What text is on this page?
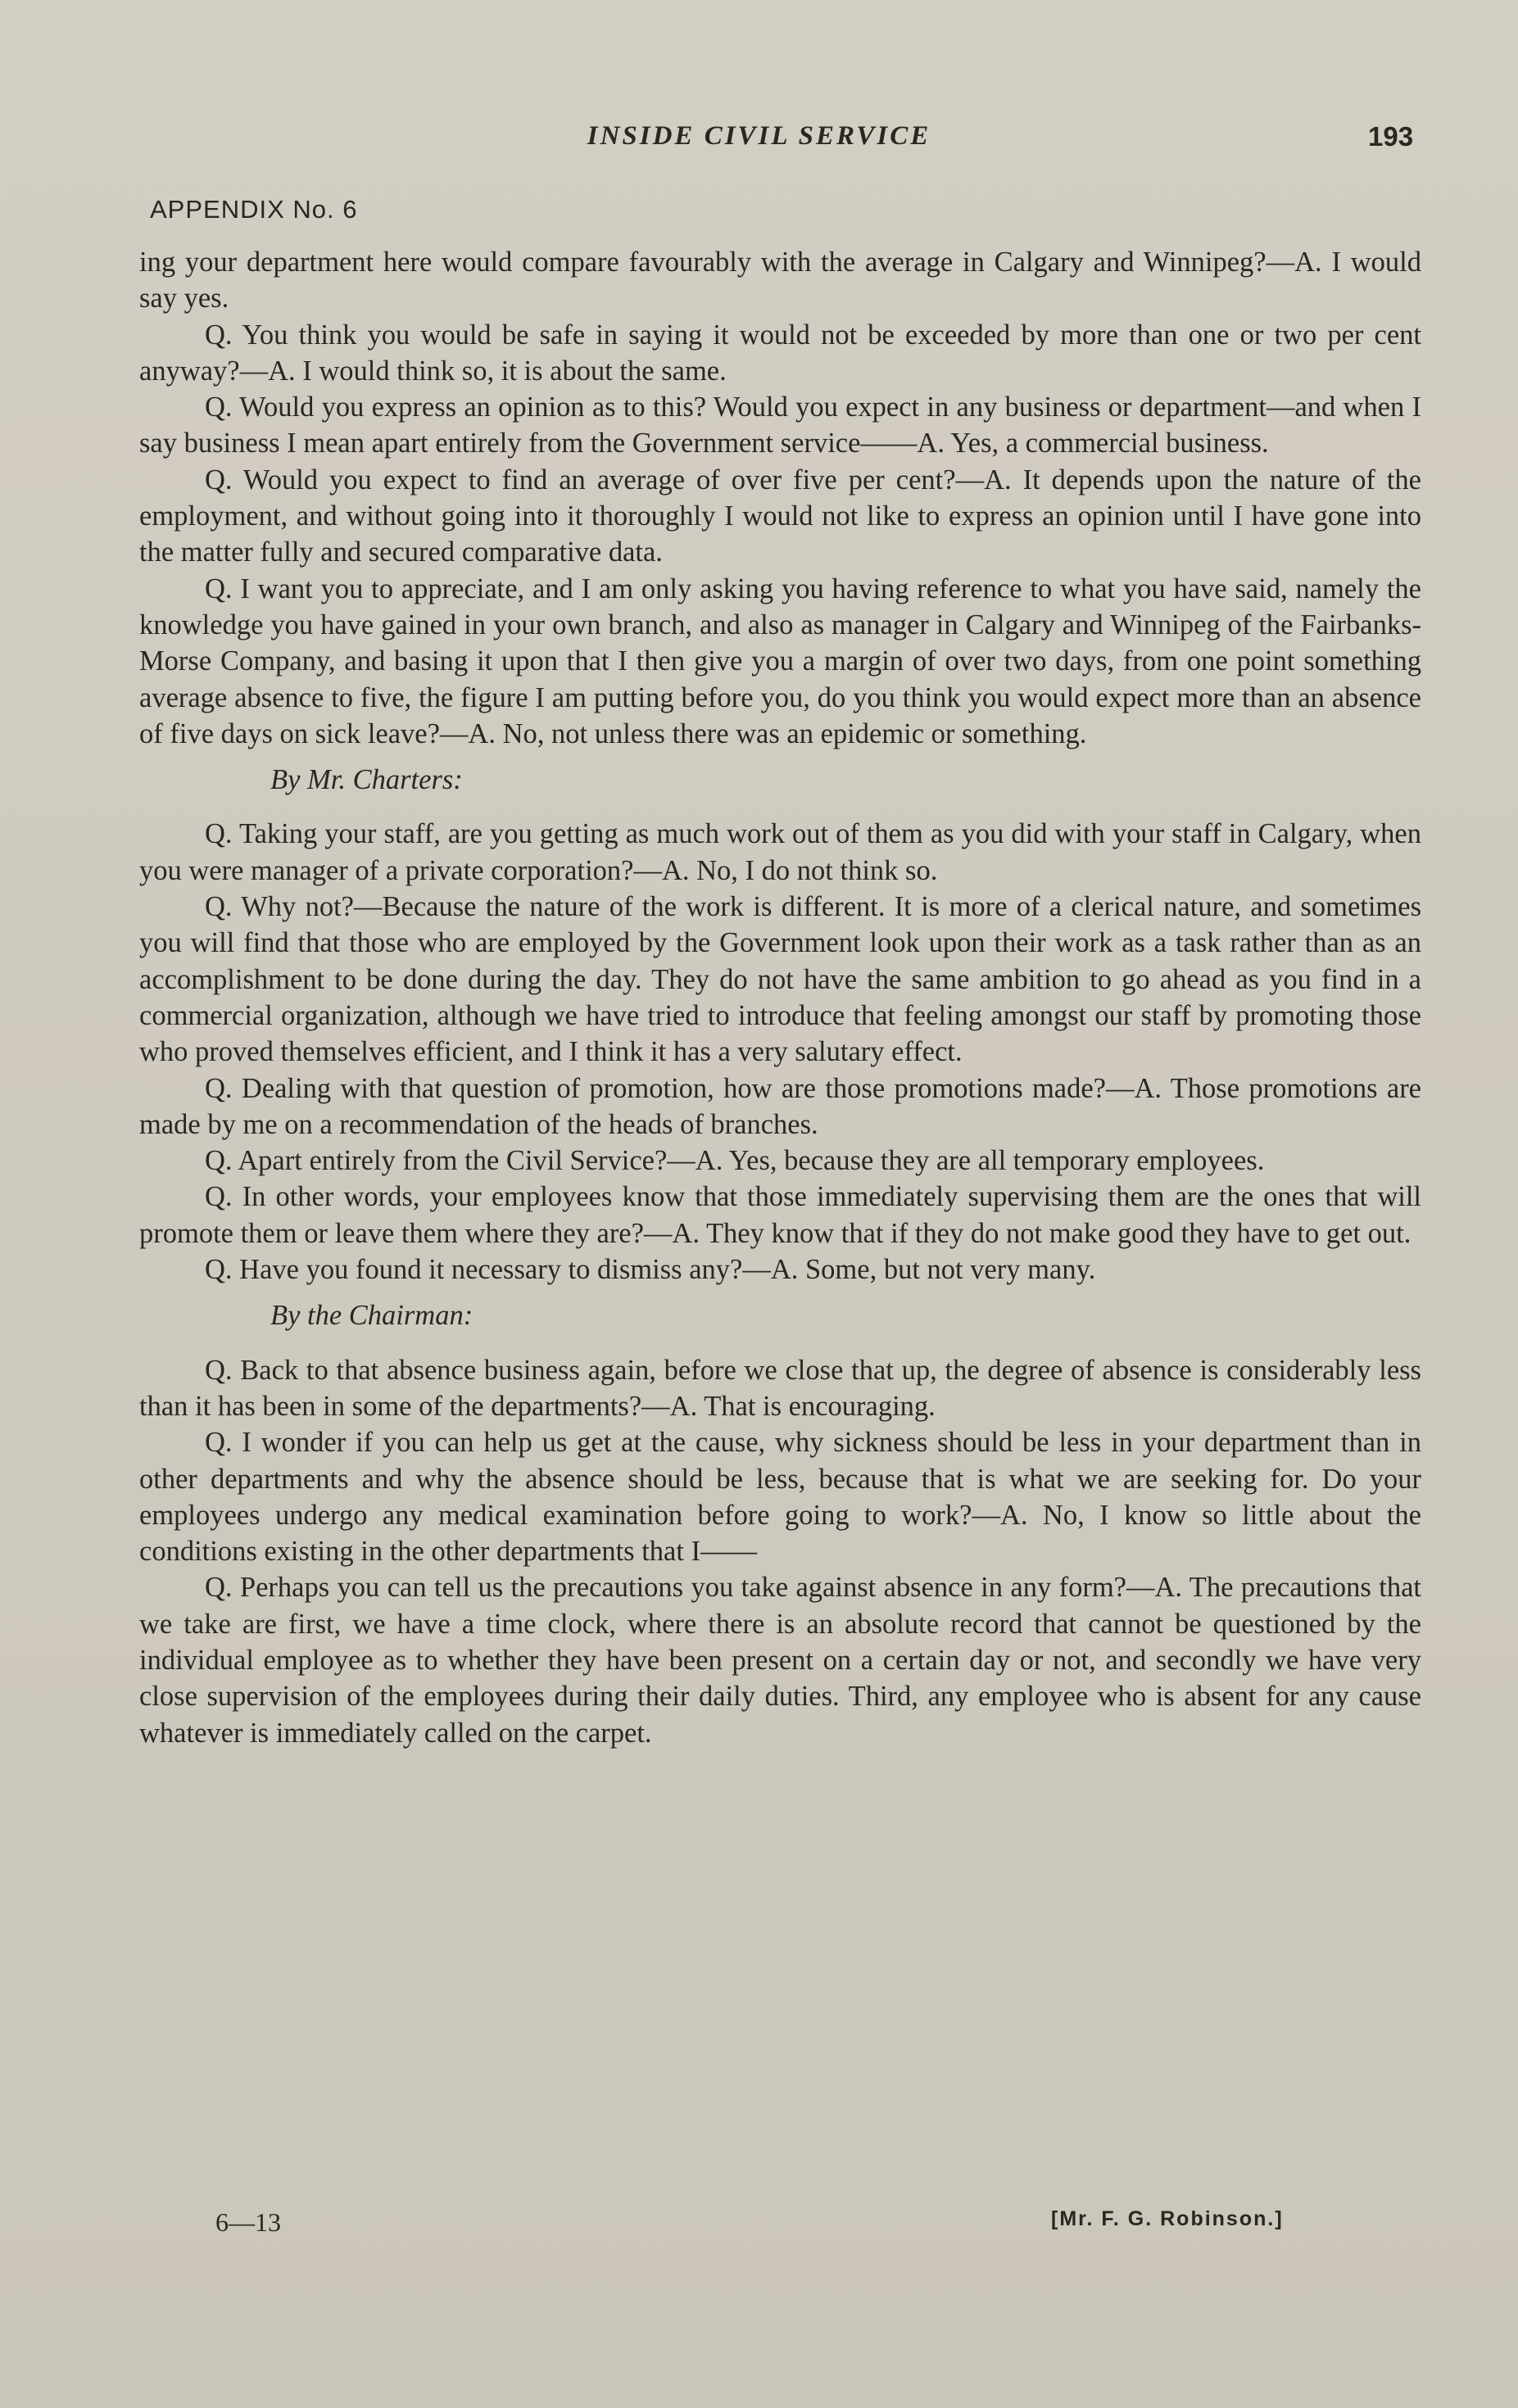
INSIDE CIVIL SERVICE	193
APPENDIX No. 6

ing your department here would compare favourably with the average in Calgary and Winnipeg?—A. I would say yes.

Q. You think you would be safe in saying it would not be exceeded by more than one or two per cent anyway?—A. I would think so, it is about the same.

Q. Would you express an opinion as to this? Would you expect in any business or department—and when I say business I mean apart entirely from the Government service——A. Yes, a commercial business.

Q. Would you expect to find an average of over five per cent?—A. It depends upon the nature of the employment, and without going into it thoroughly I would not like to express an opinion until I have gone into the matter fully and secured comparative data.

Q. I want you to appreciate, and I am only asking you having reference to what you have said, namely the knowledge you have gained in your own branch, and also as manager in Calgary and Winnipeg of the Fairbanks-Morse Company, and basing it upon that I then give you a margin of over two days, from one point something average absence to five, the figure I am putting before you, do you think you would expect more than an absence of five days on sick leave?—A. No, not unless there was an epidemic or something.

By Mr. Charters:

Q. Taking your staff, are you getting as much work out of them as you did with your staff in Calgary, when you were manager of a private corporation?—A. No, I do not think so.

Q. Why not?—Because the nature of the work is different. It is more of a clerical nature, and sometimes you will find that those who are employed by the Government look upon their work as a task rather than as an accomplishment to be done during the day. They do not have the same ambition to go ahead as you find in a commercial organization, although we have tried to introduce that feeling amongst our staff by promoting those who proved themselves efficient, and I think it has a very salutary effect.

Q. Dealing with that question of promotion, how are those promotions made?—A. Those promotions are made by me on a recommendation of the heads of branches.

Q. Apart entirely from the Civil Service?—A. Yes, because they are all temporary employees.

Q. In other words, your employees know that those immediately supervising them are the ones that will promote them or leave them where they are?—A. They know that if they do not make good they have to get out.

Q. Have you found it necessary to dismiss any?—A. Some, but not very many.

By the Chairman:

Q. Back to that absence business again, before we close that up, the degree of absence is considerably less than it has been in some of the departments?—A. That is encouraging.

Q. I wonder if you can help us get at the cause, why sickness should be less in your department than in other departments and why the absence should be less, because that is what we are seeking for. Do your employees undergo any medical examination before going to work?—A. No, I know so little about the conditions existing in the other departments that I——

Q. Perhaps you can tell us the precautions you take against absence in any form?—A. The precautions that we take are first, we have a time clock, where there is an absolute record that cannot be questioned by the individual employee as to whether they have been present on a certain day or not, and secondly we have very close supervision of the employees during their daily duties. Third, any employee who is absent for any cause whatever is immediately called on the carpet.

6—13	[Mr. F. G. Robinson.]
